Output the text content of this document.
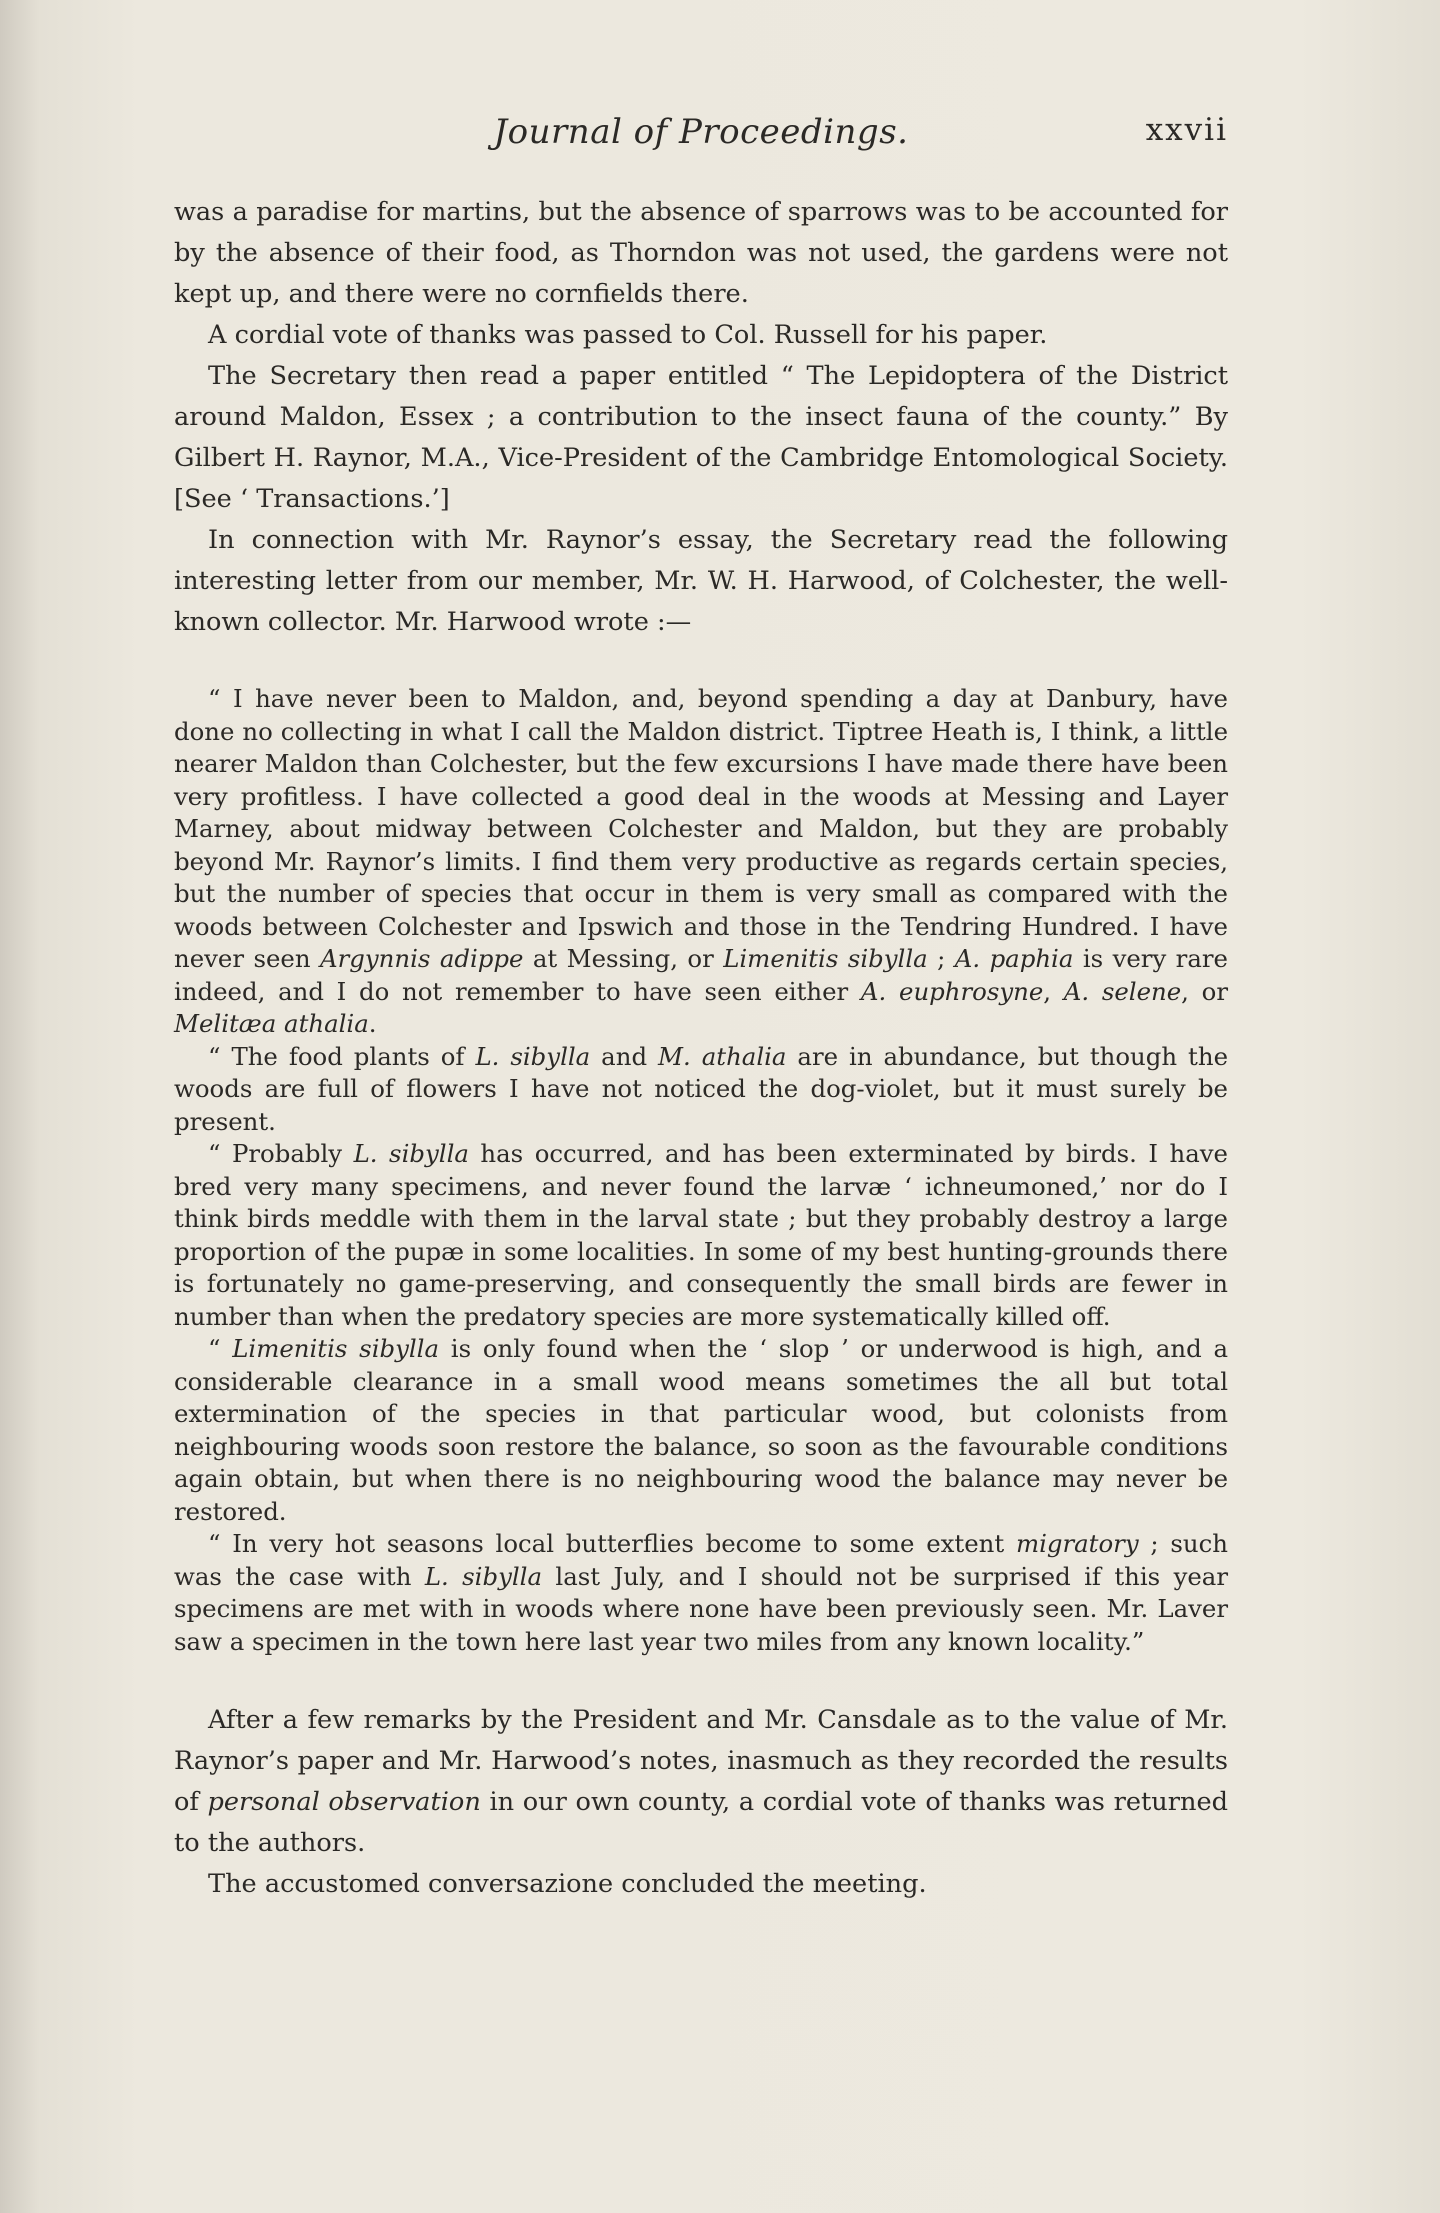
Journal of Proceedings.	xxvii

was a paradise for martins, but the absence of sparrows was to be accounted for by the absence of their food, as Thorndon was not used, the gardens were not kept up, and there were no cornfields there.

A cordial vote of thanks was passed to Col. Russell for his paper.

The Secretary then read a paper entitled “ The Lepidoptera of the District around Maldon, Essex ; a contribution to the insect fauna of the county.” By Gilbert H. Raynor, M.A., Vice-President of the Cambridge Entomological Society. [See ‘ Transactions.’]

In connection with Mr. Raynor’s essay, the Secretary read the following interesting letter from our member, Mr. W. H. Harwood, of Colchester, the well-known collector. Mr. Harwood wrote :—

“ I have never been to Maldon, and, beyond spending a day at Danbury, have done no collecting in what I call the Maldon district. Tiptree Heath is, I think, a little nearer Maldon than Colchester, but the few excursions I have made there have been very profitless. I have collected a good deal in the woods at Messing and Layer Marney, about midway between Colchester and Maldon, but they are probably beyond Mr. Raynor’s limits. I find them very productive as regards certain species, but the number of species that occur in them is very small as compared with the woods between Colchester and Ipswich and those in the Tendring Hundred. I have never seen Argynnis adippe at Messing, or Limenitis sibylla ; A. paphia is very rare indeed, and I do not remember to have seen either A. euphrosyne, A. selene, or Melitæa athalia.

“ The food plants of L. sibylla and M. athalia are in abundance, but though the woods are full of flowers I have not noticed the dog-violet, but it must surely be present.

“ Probably L. sibylla has occurred, and has been exterminated by birds. I have bred very many specimens, and never found the larvæ ‘ ichneumoned,’ nor do I think birds meddle with them in the larval state ; but they probably destroy a large proportion of the pupæ in some localities. In some of my best hunting-grounds there is fortunately no game-preserving, and consequently the small birds are fewer in number than when the predatory species are more systematically killed off.

“ Limenitis sibylla is only found when the ‘ slop ’ or underwood is high, and a considerable clearance in a small wood means sometimes the all but total extermination of the species in that particular wood, but colonists from neighbouring woods soon restore the balance, so soon as the favourable conditions again obtain, but when there is no neighbouring wood the balance may never be restored.

“ In very hot seasons local butterflies become to some extent migratory ; such was the case with L. sibylla last July, and I should not be surprised if this year specimens are met with in woods where none have been previously seen. Mr. Laver saw a specimen in the town here last year two miles from any known locality.”

After a few remarks by the President and Mr. Cansdale as to the value of Mr. Raynor’s paper and Mr. Harwood’s notes, inasmuch as they recorded the results of personal observation in our own county, a cordial vote of thanks was returned to the authors.

The accustomed conversazione concluded the meeting.
